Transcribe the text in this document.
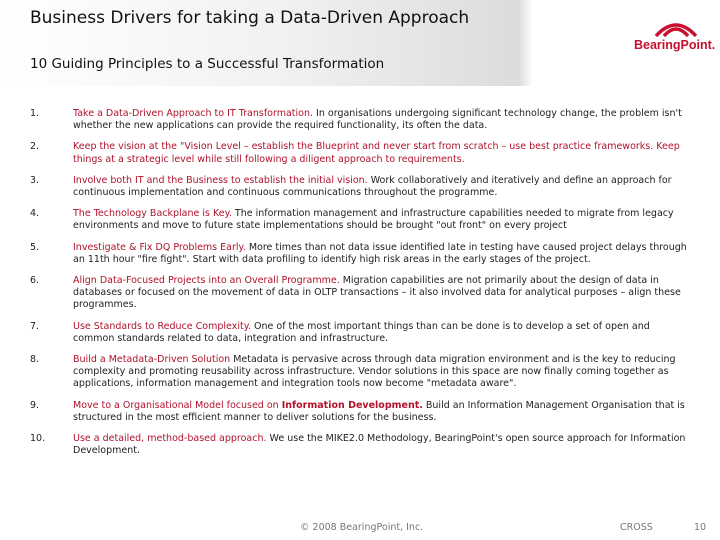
Business Drivers for taking a Data-Driven Approach
10 Guiding Principles to a Successful Transformation
BearingPoint.
1.	Take a Data-Driven Approach to IT Transformation. In organisations undergoing significant technology change, the problem isn't whether the new applications can provide the required functionality, its often the data.
2.	Keep the vision at the "Vision Level – establish the Blueprint and never start from scratch – use best practice frameworks. Keep things at a strategic level while still following a diligent approach to requirements.
3.	Involve both IT and the Business to establish the initial vision. Work collaboratively and iteratively and define an approach for continuous implementation and continuous communications throughout the programme.
4.	The Technology Backplane is Key. The information management and infrastructure capabilities needed to migrate from legacy environments and move to future state implementations should be brought "out front" on every project
5.	Investigate & Fix DQ Problems Early. More times than not data issue identified late in testing have caused project delays through an 11th hour "fire fight". Start with data profiling to identify high risk areas in the early stages of the project.
6.	Align Data-Focused Projects into an Overall Programme. Migration capabilities are not primarily about the design of data in databases or focused on the movement of data in OLTP transactions – it also involved data for analytical purposes – align these programmes.
7.	Use Standards to Reduce Complexity. One of the most important things than can be done is to develop a set of open and common standards related to data, integration and infrastructure.
8.	Build a Metadata-Driven Solution Metadata is pervasive across through data migration environment and is the key to reducing complexity and promoting reusability across infrastructure. Vendor solutions in this space are now finally coming together as applications, information management and integration tools now become "metadata aware".
9.	Move to a Organisational Model focused on Information Development. Build an Information Management Organisation that is structured in the most efficient manner to deliver solutions for the business.
10.	Use a detailed, method-based approach. We use the MIKE2.0 Methodology, BearingPoint's open source approach for Information Development.
© 2008 BearingPoint, Inc.	CROSS	10
